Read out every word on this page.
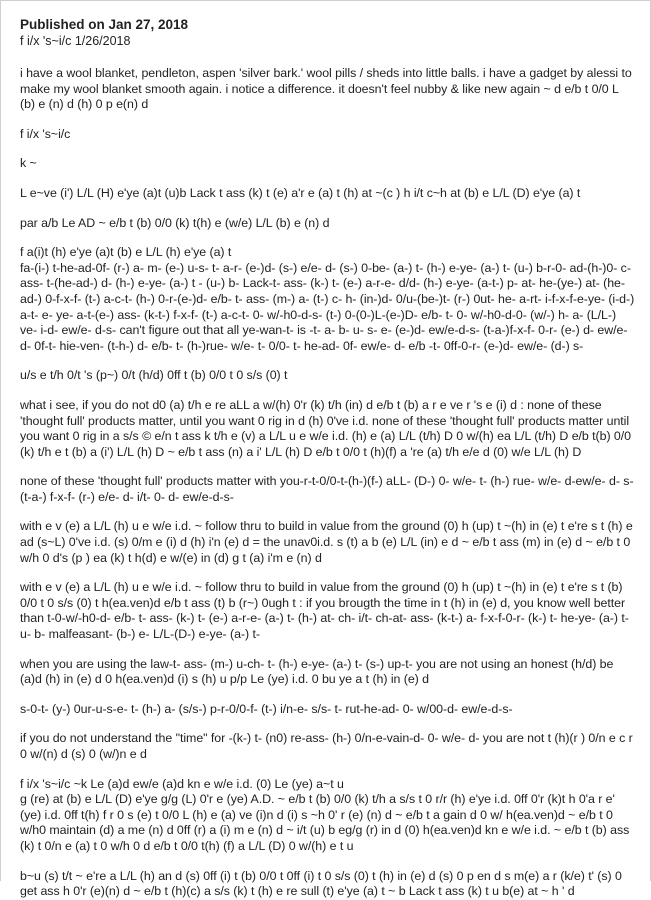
Published on Jan 27, 2018
f i/x 's~i/c 1/26/2018
i have a wool blanket, pendleton, aspen 'silver bark.' wool pills / sheds into little balls. i have a gadget by alessi to make my wool blanket smooth again. i notice a difference. it doesn't feel nubby & like new again ~ d e/b t 0/0 L (b) e (n) d (h) 0 p e(n) d
f i/x 's~i/c
k ~
L e~ve (i') L/L (H) e'ye (a)t (u)b Lack t ass (k) t (e) a'r e (a) t (h) at ~(c ) h i/t c~h at (b) e L/L (D) e'ye (a) t
par a/b Le AD ~ e/b t (b) 0/0 (k) t(h) e (w/e) L/L (b) e (n) d
f a(i)t (h) e'ye (a)t (b) e L/L (h) e'ye (a) t
fa-(i-) t-he-ad-0f- (r-) a- m- (e-) u-s- t- a-r- (e-)d- (s-) e/e- d- (s-) 0-be- (a-) t- (h-) e-ye- (a-) t- (u-) b-r-0- ad-(h-)0- c- ass- t-(he-ad-) d- (h-) e-ye- (a-) t - (u-) b- Lack-t- ass- (k-) t- (e-) a-r-e- d/d- (h-) e-ye- (a-t-) p- at- he-(ye-) at- (he-ad-) 0-f-x-f- (t-) a-c-t- (h-) 0-r-(e-)d- e/b- t- ass- (m-) a- (t-) c- h- (in-)d- 0/u-(be-)t- (r-) 0ut- he- a-rt- i-f-x-f-e-ye- (i-d-) a-t- e- ye- a-t-(e-) ass- (k-t-) f-x-f- (t-) a-c-t- 0- w/-h0-d-s- (t-) 0-(0-)L-(e-)D- e/b- t- 0- w/-h0-d-0- (w/-) h- a- (L/L-) ve- i-d- ew/e- d-s- can't figure out that all ye-wan-t- is -t- a- b- u- s- e- (e-)d- ew/e-d-s- (t-a-)f-x-f- 0-r- (e-) d- ew/e- d- 0f-t- hie-ven- (t-h-) d- e/b- t- (h-)rue- w/e- t- 0/0- t- he-ad- 0f- ew/e- d- e/b -t- 0ff-0-r- (e-)d- ew/e- (d-) s-
u/s e t/h 0/t 's (p~) 0/t (h/d) 0ff t (b) 0/0 t 0 s/s (0) t
what i see, if you do not d0 (a) t/h e re aLL a w/(h) 0'r (k) t/h (in) d e/b t (b) a r e ve r 's e (i) d : none of these 'thought full' products matter, until you want 0 rig in d (h) 0've i.d. none of these 'thought full' products matter until you want 0 rig in a s/s © e/n t ass k t/h e (v) a L/L u e w/e i.d. (h) e (a) L/L (t/h) D 0 w/(h) ea L/L (t/h) D e/b t(b) 0/0 (k) t/h e t (b) a (i') L/L (h) D ~ e/b t ass (n) a i' L/L (h) D e/b t 0/0 t (h)(f) a 're (a) t/h e/e d (0) w/e L/L (h) D
none of these 'thought full' products matter with you-r-t-0/0-t-(h-)(f-) aLL- (D-) 0- w/e- t- (h-) rue- w/e- d-ew/e- d- s- (t-a-) f-x-f- (r-) e/e- d- i/t- 0- d- ew/e-d-s-
with e v (e) a L/L (h) u e w/e i.d. ~ follow thru to build in value from the ground (0) h (up) t ~(h) in (e) t e're s t (h) e ad (s~L) 0've i.d. (s) 0/m e (i) d (h) i'n (e) d = the unav0i.d. s (t) a b (e) L/L (in) e d ~ e/b t ass (m) in (e) d ~ e/b t 0 w/h 0 d's (p ) ea (k) t h(d) e w/(e) in (d) g t (a) i'm e (n) d
with e v (e) a L/L (h) u e w/e i.d. ~ follow thru to build in value from the ground (0) h (up) t ~(h) in (e) t e're s t (b) 0/0 t 0 s/s (0) t h(ea.ven)d e/b t ass (t) b (r~) 0ugh t : if you brougth the time in t (h) in (e) d, you know well better than t-0-w/-h0-d- e/b- t- ass- (k-) t- (e-) a-r-e- (a-) t- (h-) at- ch- i/t- ch-at- ass- (k-t-) a- f-x-f-0-r- (k-) t- he-ye- (a-) t- u- b- malfeasant- (b-) e- L/L-(D-) e-ye- (a-) t-
when you are using the law-t- ass- (m-) u-ch- t- (h-) e-ye- (a-) t- (s-) up-t- you are not using an honest (h/d) be (a)d (h) in (e) d 0 h(ea.ven)d (i) s (h) u p/p Le (ye) i.d. 0 bu ye a t (h) in (e) d
s-0-t- (y-) 0ur-u-s-e- t- (h-) a- (s/s-) p-r-0/0-f- (t-) i/n-e- s/s- t- rut-he-ad- 0- w/00-d- ew/e-d-s-
if you do not understand the "time" for -(k-) t- (n0) re-ass- (h-) 0/n-e-vain-d- 0- w/e- d- you are not t (h)(r ) 0/n e c r 0 w/(n) d (s) 0 (w/)n e d
f i/x 's~i/c ~k Le (a)d ew/e (a)d kn e w/e i.d. (0) Le (ye) a~t u
g (re) at (b) e L/L (D) e'ye g/g (L) 0'r e (ye) A.D. ~ e/b t (b) 0/0 (k) t/h a s/s t 0 r/r (h) e'ye i.d. 0ff 0'r (k)t h 0'a r e' (ye) i.d. 0ff t(h) f r 0 s (e) t 0/0 L (h) e (a) ve (i)n d (i) s ~h 0' r (e) (n) d ~ e/b t a gain d 0 w/ h(ea.ven)d ~ e/b t 0 w/h0 maintain (d) a me (n) d 0ff (r) a (i) m e (n) d ~ i/t (u) b eg/g (r) in d (0) h(ea.ven)d kn e w/e i.d. ~ e/b t (b) ass (k) t 0/n e (a) t 0 w/h 0 d e/b t 0/0 t(h) (f) a L/L (D) 0 w/(h) e t u
b~u (s) t/t ~ e're a L/L (h) an d (s) 0ff (i) t (b) 0/0 t 0ff (i) t 0 s/s (0) t (h) in (e) d (s) 0 p en d s m(e) a r (k/e) t' (s) 0 get ass h 0'r (e)(n) d ~ e/b t (h)(c) a s/s (k) t (h) e re sull (t) e'ye (a) t ~ b Lack t ass (k) t u b(e) at ~ h ' d
